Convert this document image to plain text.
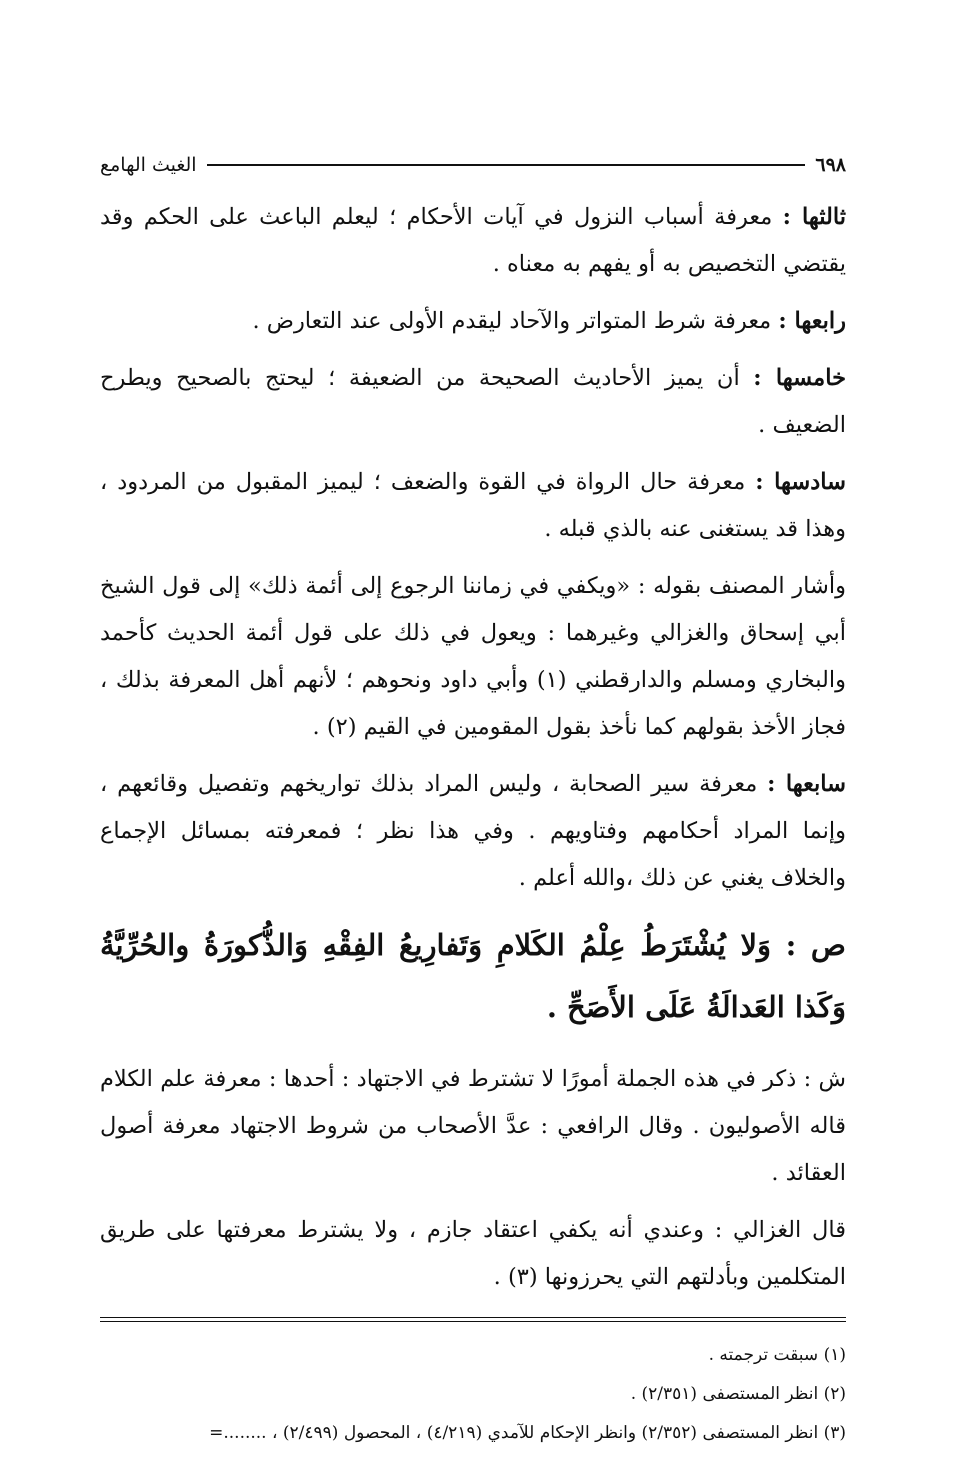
٦٩٨
الغيث الهامع

ثالثها : معرفة أسباب النزول في آيات الأحكام ؛ ليعلم الباعث على الحكم وقد يقتضي التخصيص به أو يفهم به معناه .

رابعها : معرفة شرط المتواتر والآحاد ليقدم الأولى عند التعارض .

خامسها : أن يميز الأحاديث الصحيحة من الضعيفة ؛ ليحتج بالصحيح ويطرح الضعيف .

سادسها : معرفة حال الرواة في القوة والضعف ؛ ليميز المقبول من المردود ، وهذا قد يستغنى عنه بالذي قبله .

وأشار المصنف بقوله : «ويكفي في زماننا الرجوع إلى أئمة ذلك» إلى قول الشيخ أبي إسحاق والغزالي وغيرهما : ويعول في ذلك على قول أئمة الحديث كأحمد والبخاري ومسلم والدارقطني (١) وأبي داود ونحوهم ؛ لأنهم أهل المعرفة بذلك ، فجاز الأخذ بقولهم كما نأخذ بقول المقومين في القيم (٢) .

سابعها : معرفة سير الصحابة ، وليس المراد بذلك تواريخهم وتفصيل وقائعهم ، وإنما المراد أحكامهم وفتاويهم . وفي هذا نظر ؛ فمعرفته بمسائل الإجماع والخلاف يغني عن ذلك ،والله أعلم .

ص : وَلا يُشْتَرَطُ عِلْمُ الكَلامِ وَتَفارِيعُ الفِقْهِ وَالذُّكورَةُ والحُرِّيَّةُ وَكَذا العَدالَةُ عَلَى الأَصَحِّ .

ش : ذكر في هذه الجملة أمورًا لا تشترط في الاجتهاد : أحدها : معرفة علم الكلام قاله الأصوليون . وقال الرافعي : عدَّ الأصحاب من شروط الاجتهاد معرفة أصول العقائد .

قال الغزالي : وعندي أنه يكفي اعتقاد جازم ، ولا يشترط معرفتها على طريق المتكلمين وبأدلتهم التي يحرزونها (٣) .

(١) سبقت ترجمته .

(٢) انظر المستصفى (٢/٣٥١) .

(٣) انظر المستصفى (٢/٣٥٢) وانظر الإحكام للآمدي (٤/٢١٩) ، المحصول (٢/٤٩٩) ، ........=
